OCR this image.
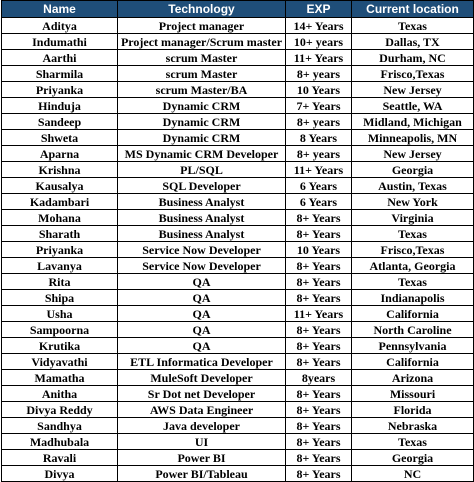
Name	Technology	EXP	Current location
Aditya	Project manager	14+ Years	Texas
Indumathi	Project manager/Scrum master	10+ years	Dallas, TX
Aarthi	scrum Master	11+ Years	Durham, NC
Sharmila	scrum Master	8+ years	Frisco,Texas
Priyanka	scrum Master/BA	10 Years	New Jersey
Hinduja	Dynamic CRM	7+ Years	Seattle, WA
Sandeep	Dynamic CRM	8+ years	Midland, Michigan
Shweta	Dynamic CRM	8 Years	Minneapolis, MN
Aparna	MS Dynamic CRM Developer	8+ years	New Jersey
Krishna	PL/SQL	11+ Years	Georgia
Kausalya	SQL Developer	6 Years	Austin, Texas
Kadambari	Business Analyst	6 Years	New York
Mohana	Business Analyst	8+ Years	Virginia
Sharath	Business Analyst	8+ Years	Texas
Priyanka	Service Now Developer	10 Years	Frisco,Texas
Lavanya	Service Now Developer	8+ Years	Atlanta, Georgia
Rita	QA	8+ Years	Texas
Shipa	QA	8+ Years	Indianapolis
Usha	QA	11+ Years	California
Sampoorna	QA	8+ Years	North Caroline
Krutika	QA	8+ Years	Pennsylvania
Vidyavathi	ETL Informatica Developer	8+ Years	California
Mamatha	MuleSoft Developer	8years	Arizona
Anitha	Sr Dot net Developer	8+ Years	Missouri
Divya Reddy	AWS Data Engineer	8+ Years	Florida
Sandhya	Java developer	8+ Years	Nebraska
Madhubala	UI	8+ Years	Texas
Ravali	Power BI	8+ Years	Georgia
Divya	Power BI/Tableau	8+ Years	NC
